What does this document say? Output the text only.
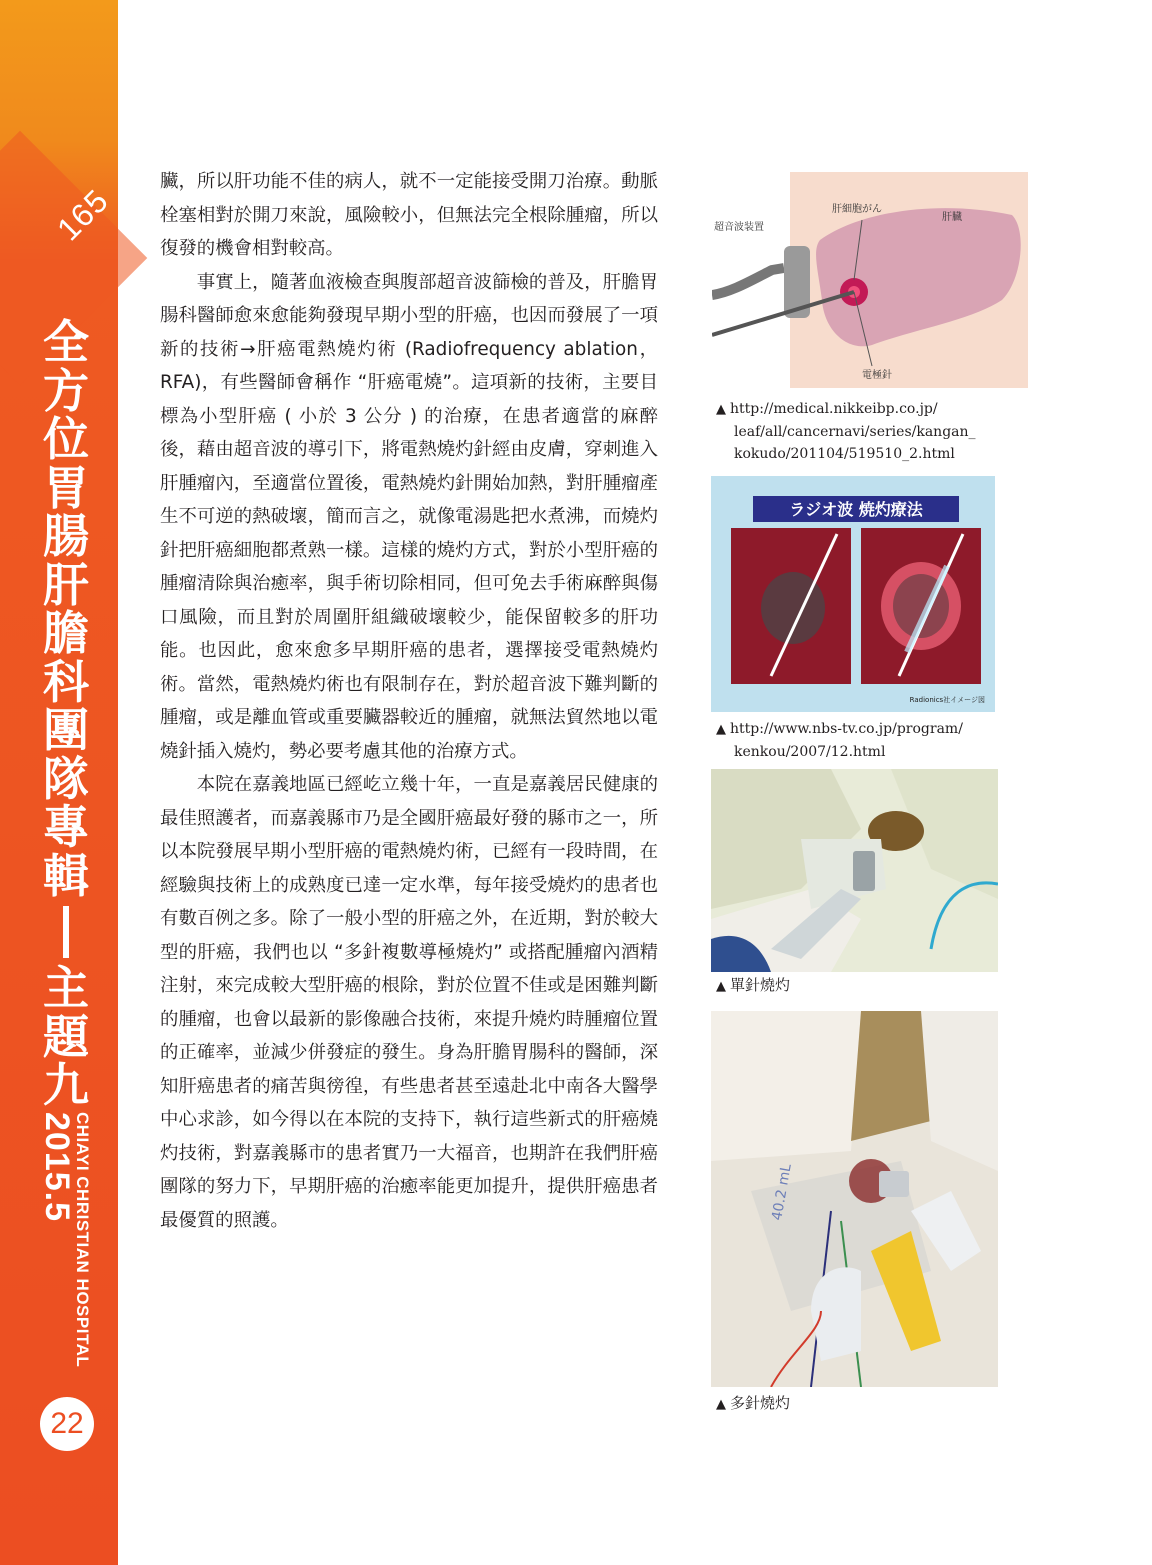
165
全方位胃腸肝膽科團隊專輯
主題九
2015.5
CHIAYI CHRISTIAN HOSPITAL
22

臟，所以肝功能不佳的病人，就不一定能接受開刀治療。動脈栓塞相對於開刀來說，風險較小，但無法完全根除腫瘤，所以復發的機會相對較高。

事實上，隨著血液檢查與腹部超音波篩檢的普及，肝膽胃腸科醫師愈來愈能夠發現早期小型的肝癌，也因而發展了一項新的技術→肝癌電熱燒灼術 (Radiofrequency ablation，RFA)，有些醫師會稱作 “肝癌電燒”。這項新的技術，主要目標為小型肝癌 ( 小於 3 公分 ) 的治療，在患者適當的麻醉後，藉由超音波的導引下，將電熱燒灼針經由皮膚，穿刺進入肝腫瘤內，至適當位置後，電熱燒灼針開始加熱，對肝腫瘤產生不可逆的熱破壞，簡而言之，就像電湯匙把水煮沸，而燒灼針把肝癌細胞都煮熟一樣。這樣的燒灼方式，對於小型肝癌的腫瘤清除與治癒率，與手術切除相同，但可免去手術麻醉與傷口風險，而且對於周圍肝組織破壞較少，能保留較多的肝功能。也因此，愈來愈多早期肝癌的患者，選擇接受電熱燒灼術。當然，電熱燒灼術也有限制存在，對於超音波下難判斷的腫瘤，或是離血管或重要臟器較近的腫瘤，就無法貿然地以電燒針插入燒灼，勢必要考慮其他的治療方式。

本院在嘉義地區已經屹立幾十年，一直是嘉義居民健康的最佳照護者，而嘉義縣市乃是全國肝癌最好發的縣市之一，所以本院發展早期小型肝癌的電熱燒灼術，已經有一段時間，在經驗與技術上的成熟度已達一定水準，每年接受燒灼的患者也有數百例之多。除了一般小型的肝癌之外，在近期，對於較大型的肝癌，我們也以 “多針複數導極燒灼” 或搭配腫瘤內酒精注射，來完成較大型肝癌的根除，對於位置不佳或是困難判斷的腫瘤，也會以最新的影像融合技術，來提升燒灼時腫瘤位置的正確率，並減少併發症的發生。身為肝膽胃腸科的醫師，深知肝癌患者的痛苦與徬徨，有些患者甚至遠赴北中南各大醫學中心求診，如今得以在本院的支持下，執行這些新式的肝癌燒灼技術，對嘉義縣市的患者實乃一大福音，也期許在我們肝癌團隊的努力下，早期肝癌的治癒率能更加提升，提供肝癌患者最優質的照護。

超音波装置
肝細胞がん
肝臓
電極針
▲ http://medical.nikkeibp.co.jp/
leaf/all/cancernavi/series/kangan_
kokudo/201104/519510_2.html
ラジオ波 焼灼療法
Radionics社イメージ図
▲ http://www.nbs-tv.co.jp/program/
kenkou/2007/12.html
▲ 單針燒灼
40.2 mL
▲ 多針燒灼
